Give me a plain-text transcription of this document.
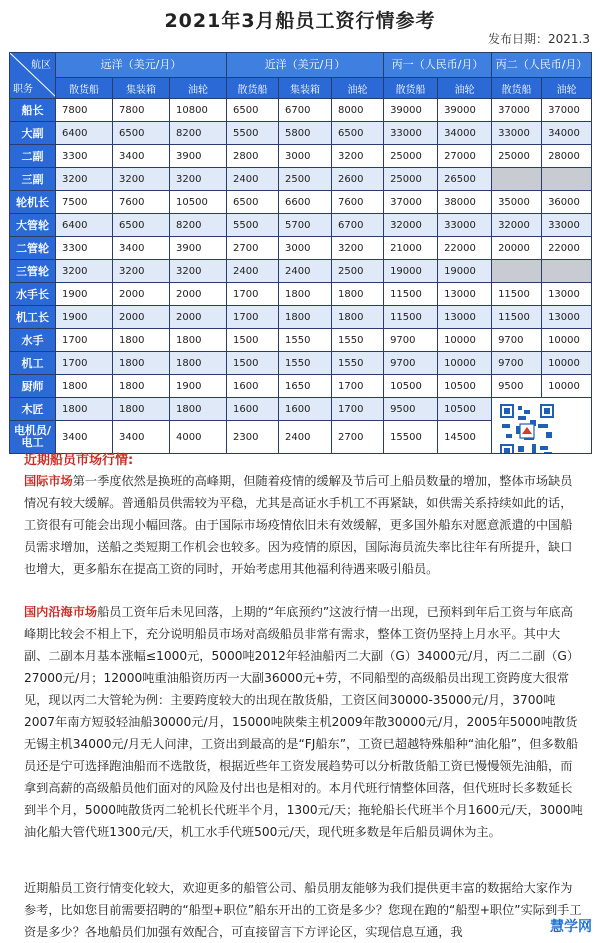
2021年3月船员工资行情参考
发布日期：2021.3
航区
职务	远洋（美元/月）			近洋（美元/月）			丙一（人民币/月）		丙二（人民币/月）	
	散货船	集装箱	油轮	散货船	集装箱	油轮	散货船	油轮	散货船	油轮
船长	7800	7800	10800	6500	6700	8000	39000	39000	37000	37000
大副	6400	6500	8200	5500	5800	6500	33000	34000	33000	34000
二副	3300	3400	3900	2800	3000	3200	25000	27000	25000	28000
三副	3200	3200	3200	2400	2500	2600	25000	26500		
轮机长	7500	7600	10500	6500	6600	7600	37000	38000	35000	36000
大管轮	6400	6500	8200	5500	5700	6700	32000	33000	32000	33000
二管轮	3300	3400	3900	2700	3000	3200	21000	22000	20000	22000
三管轮	3200	3200	3200	2400	2400	2500	19000	19000		
水手长	1900	2000	2000	1700	1800	1800	11500	13000	11500	13000
机工长	1900	2000	2000	1700	1800	1800	11500	13000	11500	13000
水手	1700	1800	1800	1500	1550	1550	9700	10000	9700	10000
机工	1700	1800	1800	1500	1550	1550	9700	10000	9700	10000
厨师	1800	1800	1900	1600	1650	1700	10500	10500	9500	10000
木匠	1800	1800	1800	1600	1600	1700	9500	10500	

电机员/电工	3400	3400	4000	2300	2400	2700	15500	14500		
近期船员市场行情:
国际市场第一季度依然是换班的高峰期，但随着疫情的缓解及节后可上船员数量的增加，整体市场缺员情况有较大缓解。普通船员供需较为平稳，尤其是高证水手机工不再紧缺，如供需关系持续如此的话，工资很有可能会出现小幅回落。由于国际市场疫情依旧未有效缓解，更多国外船东对愿意派遣的中国船员需求增加，送船之类短期工作机会也较多。因为疫情的原因，国际海员流失率比往年有所提升，缺口也增大，更多船东在提高工资的同时，开始考虑用其他福利待遇来吸引船员。
国内沿海市场船员工资年后未见回落，上期的“年底预约”这波行情一出现，已预料到年后工资与年底高峰期比较会不相上下，充分说明船员市场对高级船员非常有需求，整体工资仍坚持上月水平。其中大副、二副本月基本涨幅≤1000元，5000吨2012年轻油船丙二大副（G）34000元/月，丙二二副（G）27000元/月；12000吨重油船资历丙一大副36000元+劳，不同船型的高级船员出现工资跨度大很常见，现以丙二大管轮为例：主要跨度较大的出现在散货船，工资区间30000-35000元/月，3700吨2007年南方短驳轻油船30000元/月，15000吨陕柴主机2009年散30000元/月，2005年5000吨散货无锡主机34000元/月无人问津，工资出到最高的是“FJ船东”，工资已超越特殊船种“油化船”，但多数船员还是宁可选择跑油船而不选散货，根据近些年工资发展趋势可以分析散货船工资已慢慢领先油船，而拿到高薪的高级船员他们面对的风险及付出也是相对的。本月代班行情整体回落，但代班时长多数延长到半个月，5000吨散货丙二轮机长代班半个月，1300元/天；拖轮船长代班半个月1600元/天，3000吨油化船大管代班1300元/天，机工水手代班500元/天，现代班多数是年后船员调休为主。
近期船员工资行情变化较大，欢迎更多的船管公司、船员朋友能够为我们提供更丰富的数据给大家作为参考，比如您目前需要招聘的“船型+职位”船东开出的工资是多少？您现在跑的“船型+职位”实际到手工资是多少？各地船员们加强有效配合，可直接留言下方评论区，实现信息互通，我	慧学网
